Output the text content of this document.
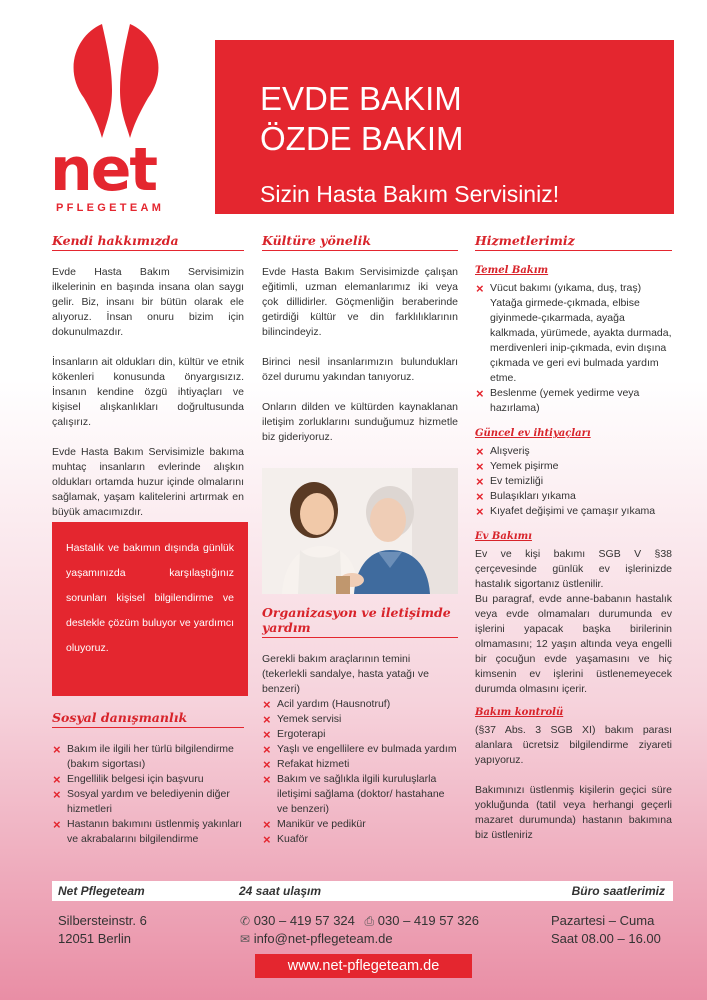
net
PFLEGETEAM
EVDE BAKIM
ÖZDE BAKIM
Sizin Hasta Bakım Servisiniz!
Kendi hakkımızda

Evde Hasta Bakım Servisimizin ilkelerinin en başında insana olan saygı gelir. Biz, insanı bir bütün olarak ele alıyoruz. İnsan onuru bizim için dokunulmazdır.

İnsanların ait oldukları din, kültür ve etnik kökenleri konusunda önyargısızız. İnsanın kendine özgü ihtiyaçları ve kişisel alışkanlıkları doğrultusunda çalışırız.

Evde Hasta Bakım Servisimizle bakıma muhtaç insanların evlerinde alışkın oldukları ortamda huzur içinde olmalarını sağlamak, yaşam kalitelerini artırmak en büyük amacımızdır.

Hastalık ve bakımın dışında günlük yaşamınızda karşılaştığınız sorunları kişisel bilgilendirme ve destekle çözüm buluyor ve yardımcı oluyoruz.
Sosyal danışmanlık
× Bakım ile ilgili her türlü bilgilendirme (bakım sigortası)
× Engellilik belgesi için başvuru
× Sosyal yardım ve belediyenin diğer hizmetleri
× Hastanın bakımını üstlenmiş yakınları ve akrabalarını bilgilendirme
Kültüre yönelik

Evde Hasta Bakım Servisimizde çalışan eğitimli, uzman elemanlarımız iki veya çok dillidirler. Göçmenliğin beraberinde getirdiği kültür ve din farklılıklarının bilincindeyiz.

Birinci nesil insanlarımızın bulundukları özel durumu yakından tanıyoruz.

Onların dilden ve kültürden kaynaklanan iletişim zorluklarını sunduğumuz hizmetle biz gideriyoruz.

Organizasyon ve iletişimde yardım

Gerekli bakım araçlarının temini (tekerlekli sandalye, hasta yatağı ve benzeri)

× Acil yardım (Hausnotruf)
× Yemek servisi
× Ergoterapi
× Yaşlı ve engellilere ev bulmada yardım
× Refakat hizmeti
× Bakım ve sağlıkla ilgili kuruluşlarla iletişimi sağlama (doktor/ hastahane ve benzeri)
× Manikür ve pedikür
× Kuaför
Hizmetlerimiz
Temel Bakım
× Vücut bakımı (yıkama, duş, traş) Yatağa girmede-çıkmada, elbise giyinmede-çıkarmada, ayağa kalkmada, yürümede, ayakta durmada, merdivenleri inip-çıkmada, evin dışına çıkmada ve geri evi bulmada yardım etme.
× Beslenme (yemek yedirme veya hazırlama)
Güncel ev ihtiyaçları
× Alışveriş
× Yemek pişirme
× Ev temizliği
× Bulaşıkları yıkama
× Kıyafet değişimi ve çamaşır yıkama
Ev Bakımı

Ev ve kişi bakımı SGB V §38 çerçevesinde günlük ev işlerinizde hastalık sigortanız üstlenilir.

Bu paragraf, evde anne-babanın hastalık veya evde olmamaları durumunda ev işlerini yapacak başka birilerinin olmamasını; 12 yaşın altında veya engelli bir çocuğun evde yaşamasını ve hiç kimsenin ev işlerini üstlenemeyecek durumda olmasını içerir.

Bakım kontrolü

(§37 Abs. 3 SGB XI) bakım parası alanlara ücretsiz bilgilendirme ziyareti yapıyoruz.

Bakımınızı üstlenmiş kişilerin geçici süre yokluğunda (tatil veya herhangi geçerli mazaret durumunda) hastanın bakımına biz üstleniriz

Net Pflegeteam	24 saat ulaşım	Büro saatlerimiz
Silbersteinstr. 6
12051 Berlin
✆ 030 – 419 57 324 ⎙ 030 – 419 57 326
✉ info@net-pflegeteam.de
Pazartesi – Cuma
Saat 08.00 – 16.00
www.net-pflegeteam.de
